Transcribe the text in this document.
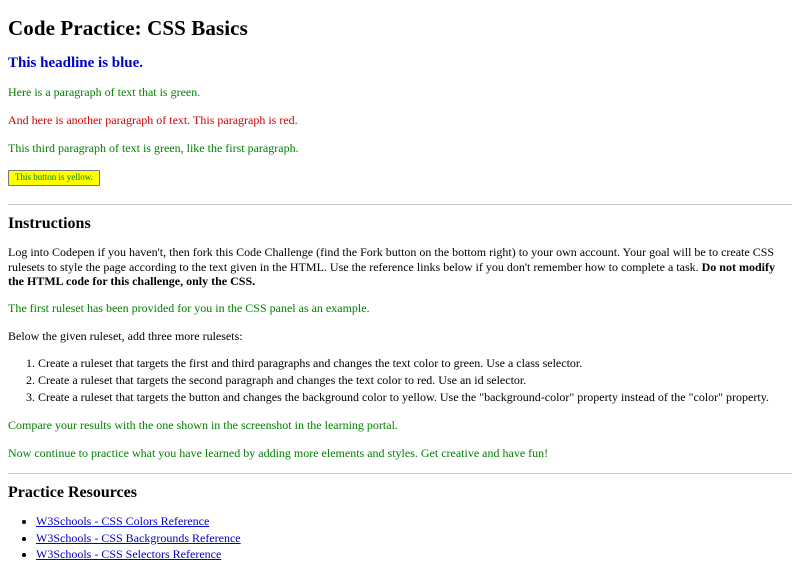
Code Practice: CSS Basics
This headline is blue.

Here is a paragraph of text that is green.

And here is another paragraph of text. This paragraph is red.

This third paragraph of text is green, like the first paragraph.

This button is yellow.
Instructions

Log into Codepen if you haven't, then fork this Code Challenge (find the Fork button on the bottom right) to your own account. Your goal will be to create CSS rulesets to style the page according to the text given in the HTML. Use the reference links below if you don't remember how to complete a task. Do not modify the HTML code for this challenge, only the CSS.

The first ruleset has been provided for you in the CSS panel as an example.

Below the given ruleset, add three more rulesets:

1. Create a ruleset that targets the first and third paragraphs and changes the text color to green. Use a class selector.
2. Create a ruleset that targets the second paragraph and changes the text color to red. Use an id selector.
3. Create a ruleset that targets the button and changes the background color to yellow. Use the "background-color" property instead of the "color" property.

Compare your results with the one shown in the screenshot in the learning portal.

Now continue to practice what you have learned by adding more elements and styles. Get creative and have fun!

Practice Resources
• W3Schools - CSS Colors Reference
• W3Schools - CSS Backgrounds Reference
• W3Schools - CSS Selectors Reference
